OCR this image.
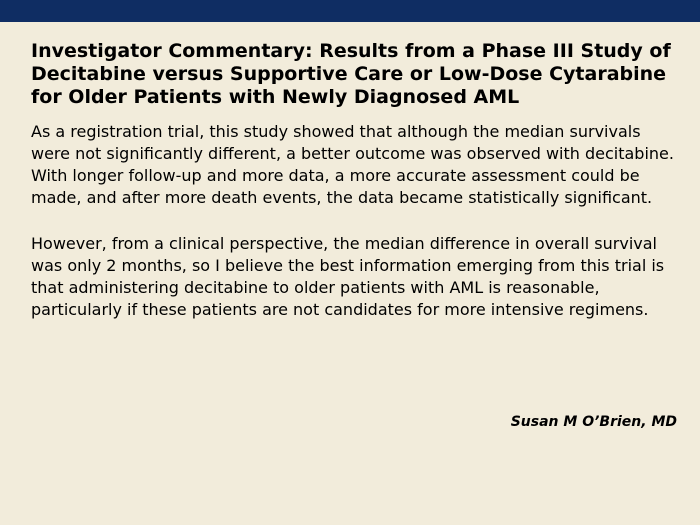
Investigator Commentary: Results from a Phase III Study of Decitabine versus Supportive Care or Low-Dose Cytarabine for Older Patients with Newly Diagnosed AML

As a registration trial, this study showed that although the median survivals were not significantly different, a better outcome was observed with decitabine. With longer follow-up and more data, a more accurate assessment could be made, and after more death events, the data became statistically significant.

However, from a clinical perspective, the median difference in overall survival was only 2 months, so I believe the best information emerging from this trial is that administering decitabine to older patients with AML is reasonable, particularly if these patients are not candidates for more intensive regimens.

Susan M O’Brien, MD
